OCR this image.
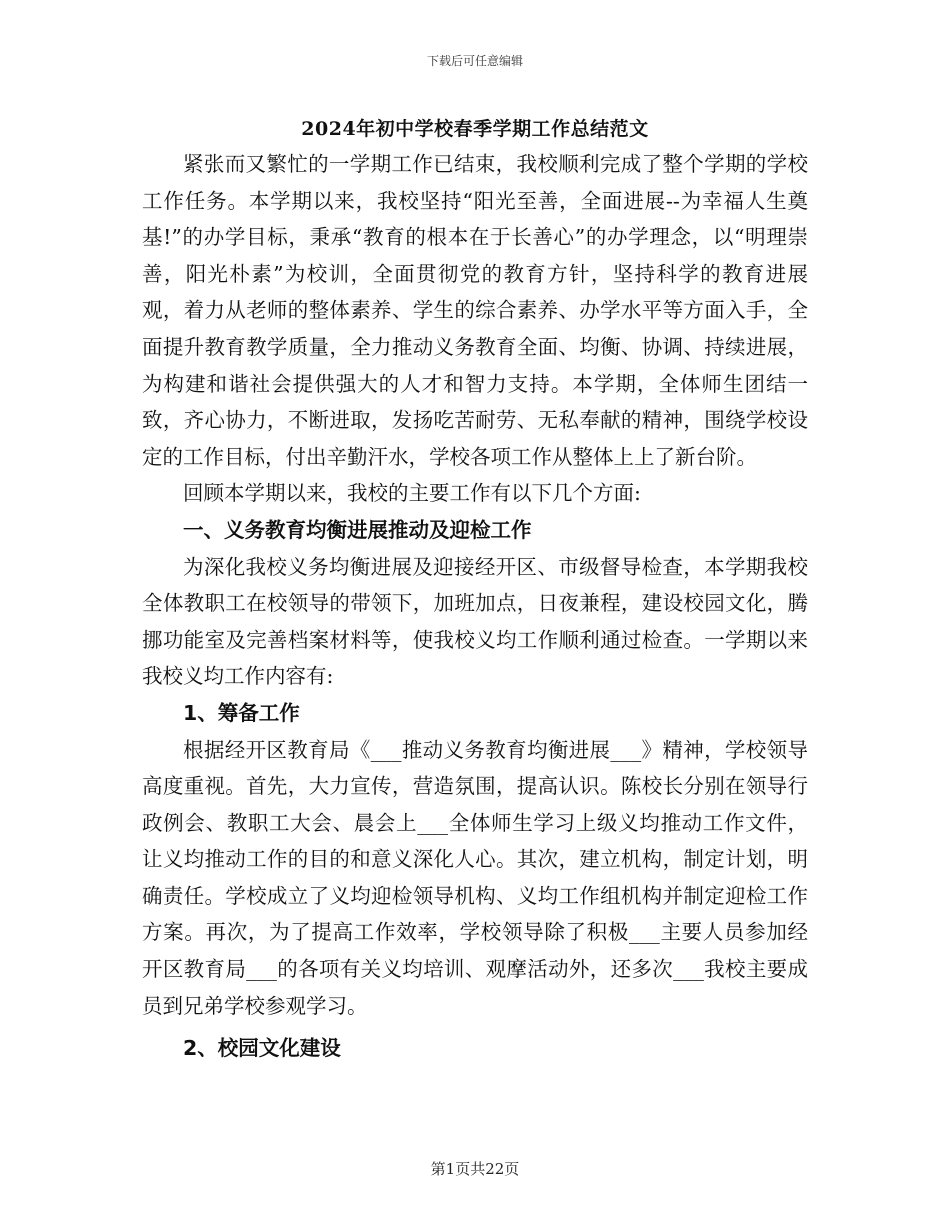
下载后可任意编辑
2024年初中学校春季学期工作总结范文

紧张而又繁忙的一学期工作已结束，我校顺利完成了整个学期的学校工作任务。本学期以来，我校坚持“阳光至善，全面进展--为幸福人生奠基!”的办学目标，秉承“教育的根本在于长善心”的办学理念，以“明理崇善，阳光朴素”为校训，全面贯彻党的教育方针，坚持科学的教育进展观，着力从老师的整体素养、学生的综合素养、办学水平等方面入手，全面提升教育教学质量，全力推动义务教育全面、均衡、协调、持续进展，为构建和谐社会提供强大的人才和智力支持。本学期，全体师生团结一致，齐心协力，不断进取，发扬吃苦耐劳、无私奉献的精神，围绕学校设定的工作目标，付出辛勤汗水，学校各项工作从整体上上了新台阶。

回顾本学期以来，我校的主要工作有以下几个方面:

一、义务教育均衡进展推动及迎检工作

为深化我校义务均衡进展及迎接经开区、市级督导检查，本学期我校全体教职工在校领导的带领下，加班加点，日夜兼程，建设校园文化，腾挪功能室及完善档案材料等，使我校义均工作顺利通过检查。一学期以来我校义均工作内容有:

1、筹备工作

根据经开区教育局《___推动义务教育均衡进展___》精神，学校领导高度重视。首先，大力宣传，营造氛围，提高认识。陈校长分别在领导行政例会、教职工大会、晨会上___全体师生学习上级义均推动工作文件，让义均推动工作的目的和意义深化人心。其次，建立机构，制定计划，明确责任。学校成立了义均迎检领导机构、义均工作组机构并制定迎检工作方案。再次，为了提高工作效率，学校领导除了积极___主要人员参加经开区教育局___的各项有关义均培训、观摩活动外，还多次___我校主要成员到兄弟学校参观学习。

2、校园文化建设

第1页共22页
